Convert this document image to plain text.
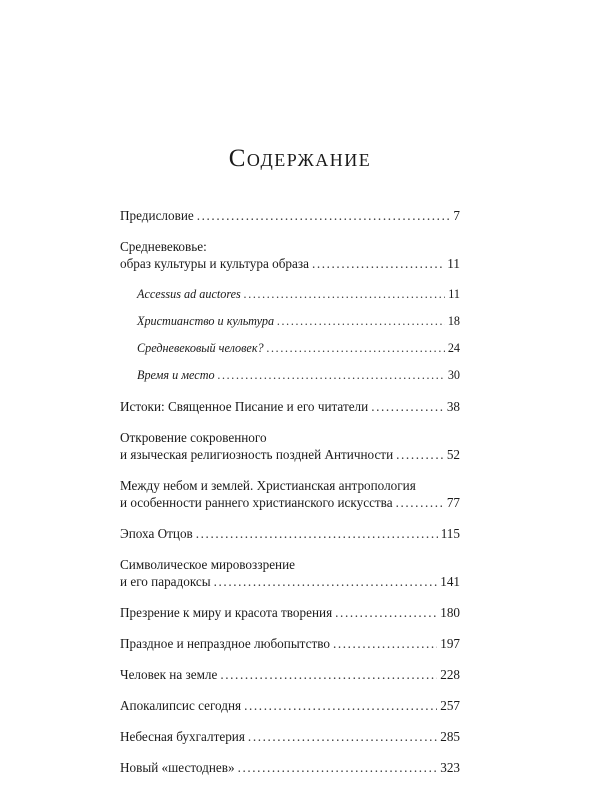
Содержание
Предисловие .....	7
Средневековье:
образ культуры и культура образа .....	11
Accessus ad auctores .....	11
Христианство и культура .....	18
Средневековый человек? .....	24
Время и место .....	30
Истоки: Священное Писание и его читатели .....	38
Откровение сокровенного
и языческая религиозность поздней Античности .....	52
Между небом и землей. Христианская антропология
и особенности раннего христианского искусства .....	77
Эпоха Отцов .....	115
Символическое мировоззрение
и его парадоксы .....	141
Презрение к миру и красота творения .....	180
Праздное и непраздное любопытство .....	197
Человек на земле .....	228
Апокалипсис сегодня .....	257
Небесная бухгалтерия .....	285
Новый «шестоднев» .....	323
